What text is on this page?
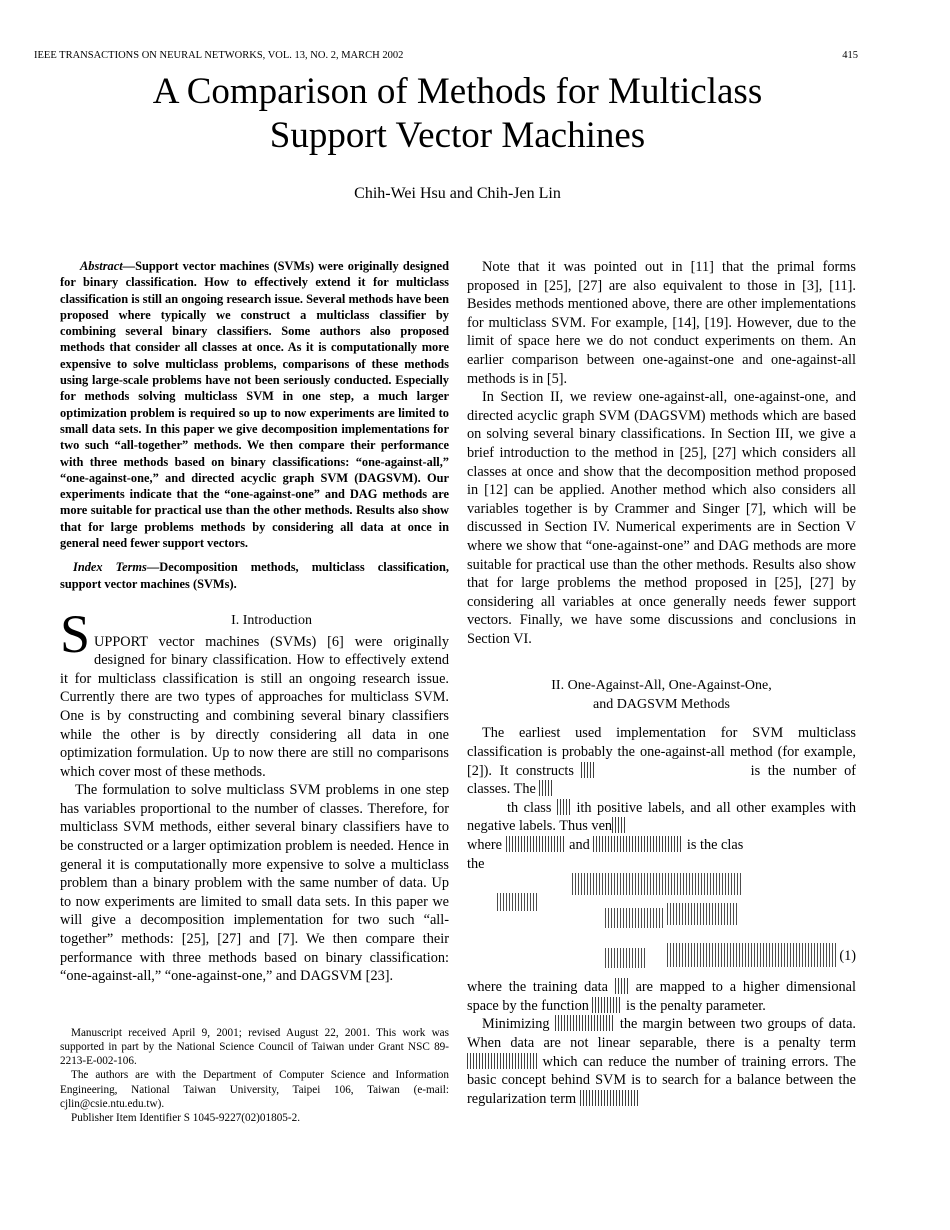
IEEE TRANSACTIONS ON NEURAL NETWORKS, VOL. 13, NO. 2, MARCH 2002	415
A Comparison of Methods for Multiclass
Support Vector Machines
Chih-Wei Hsu and Chih-Jen Lin

Abstract—Support vector machines (SVMs) were originally designed for binary classification. How to effectively extend it for multiclass classification is still an ongoing research issue. Several methods have been proposed where typically we construct a multiclass classifier by combining several binary classifiers. Some authors also proposed methods that consider all classes at once. As it is computationally more expensive to solve multiclass problems, comparisons of these methods using large-scale problems have not been seriously conducted. Especially for methods solving multiclass SVM in one step, a much larger optimization problem is required so up to now experiments are limited to small data sets. In this paper we give decomposition implementations for two such “all-together” methods. We then compare their performance with three methods based on binary classifications: “one-against-all,” “one-against-one,” and directed acyclic graph SVM (DAGSVM). Our experiments indicate that the “one-against-one” and DAG methods are more suitable for practical use than the other methods. Results also show that for large problems methods by considering all data at once in general need fewer support vectors.

Index Terms—Decomposition methods, multiclass classification, support vector machines (SVMs).

S	I. Introduction

UPPORT vector machines (SVMs) [6] were originally designed for binary classification. How to effectively extend it for multiclass classification is still an ongoing research issue. Currently there are two types of approaches for multiclass SVM. One is by constructing and combining several binary classifiers while the other is by directly considering all data in one optimization formulation. Up to now there are still no comparisons which cover most of these methods.

The formulation to solve multiclass SVM problems in one step has variables proportional to the number of classes. Therefore, for multiclass SVM methods, either several binary classifiers have to be constructed or a larger optimization problem is needed. Hence in general it is computationally more expensive to solve a multiclass problem than a binary problem with the same number of data. Up to now experiments are limited to small data sets. In this paper we will give a decomposition implementation for two such “all-together” methods: [25], [27] and [7]. We then compare their performance with three methods based on binary classification: “one-against-all,” “one-against-one,” and DAGSVM [23].

Manuscript received April 9, 2001; revised August 22, 2001. This work was supported in part by the National Science Council of Taiwan under Grant NSC 89-2213-E-002-106.

The authors are with the Department of Computer Science and Information Engineering, National Taiwan University, Taipei 106, Taiwan (e-mail: cjlin@csie.ntu.edu.tw).

Publisher Item Identifier S 1045-9227(02)01805-2.

Note that it was pointed out in [11] that the primal forms proposed in [25], [27] are also equivalent to those in [3], [11]. Besides methods mentioned above, there are other implementations for multiclass SVM. For example, [14], [19]. However, due to the limit of space here we do not conduct experiments on them. An earlier comparison between one-against-one and one-against-all methods is in [5].

In Section II, we review one-against-all, one-against-one, and directed acyclic graph SVM (DAGSVM) methods which are based on solving several binary classifications. In Section III, we give a brief introduction to the method in [25], [27] which considers all classes at once and show that the decomposition method proposed in [12] can be applied. Another method which also considers all variables together is by Crammer and Singer [7], which will be discussed in Section IV. Numerical experiments are in Section V where we show that “one-against-one” and DAG methods are more suitable for practical use than the other methods. Results also show that for large problems the method proposed in [25], [27] by considering all variables at once generally needs fewer support vectors. Finally, we have some discussions and conclusions in Section VI.

II. One-Against-All, One-Against-One,
and DAGSVM Methods

The earliest used implementation for SVM multiclass classification is probably the one-against-all method (for example, [2]). It constructs	is the number of classes. The
th class ith positive labels, and all other examples with negative labels. Thus ven
where	and	is the clas
the

(1)

where the training data are mapped to a higher dimensional space by the function	is the penalty parameter.

Minimizing	the margin between two groups of data. When data are not linear separable, there is a penalty term  which can reduce the number of training errors. The basic concept behind SVM is to search for a balance between the regularization term
